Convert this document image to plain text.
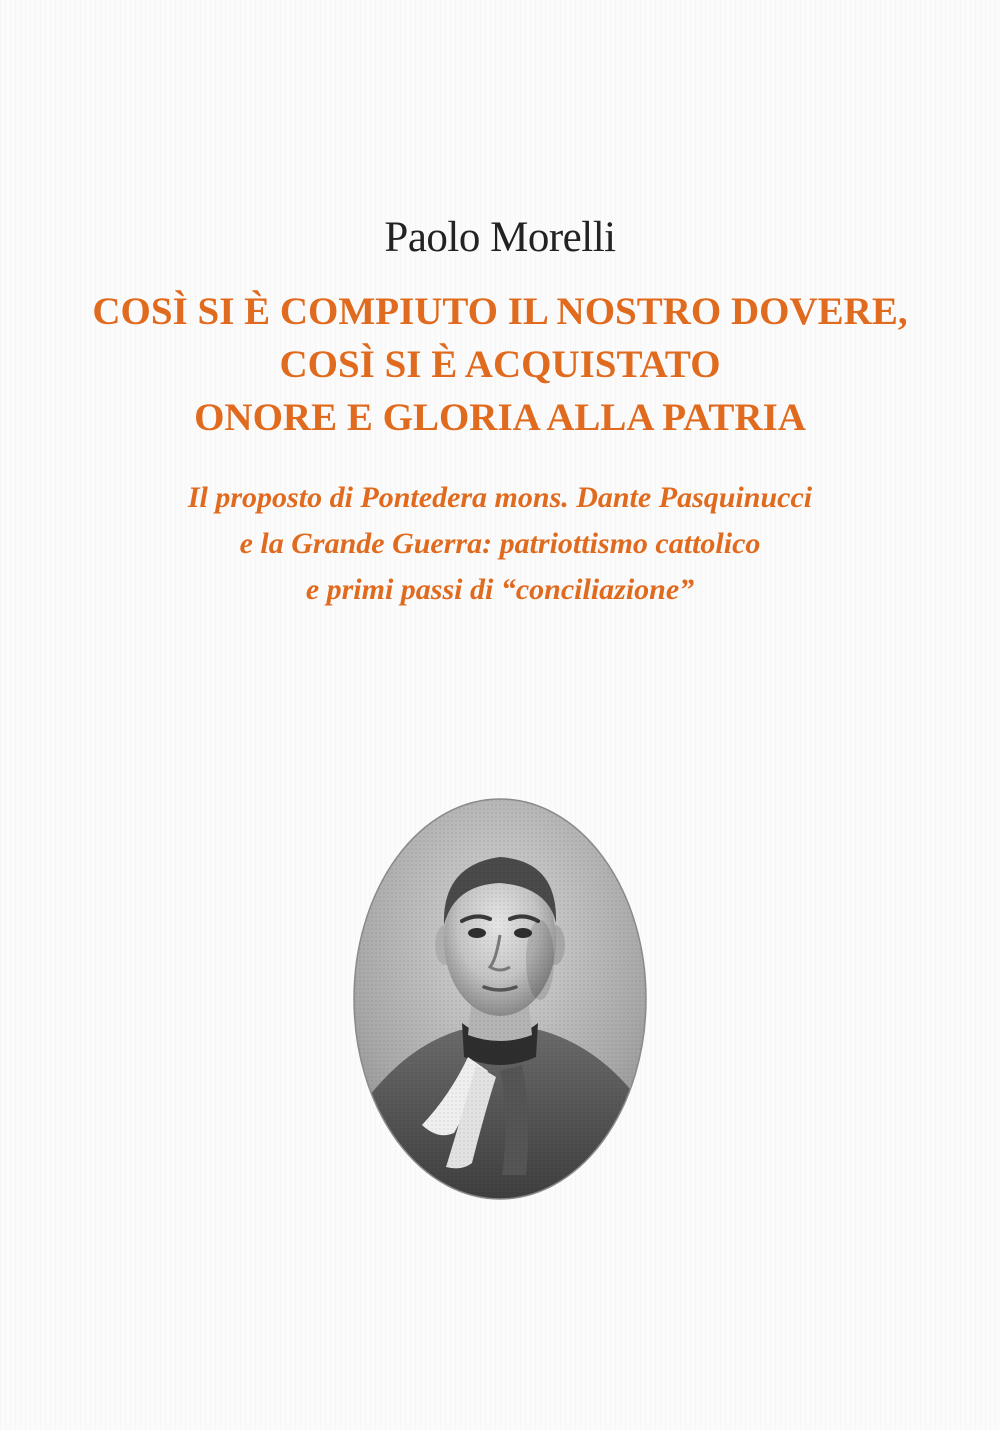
Paolo Morelli
COSÌ SI È COMPIUTO IL NOSTRO DOVERE,
COSÌ SI È ACQUISTATO
ONORE E GLORIA ALLA PATRIA
Il proposto di Pontedera mons. Dante Pasquinucci
e la Grande Guerra: patriottismo cattolico
e primi passi di “conciliazione”
